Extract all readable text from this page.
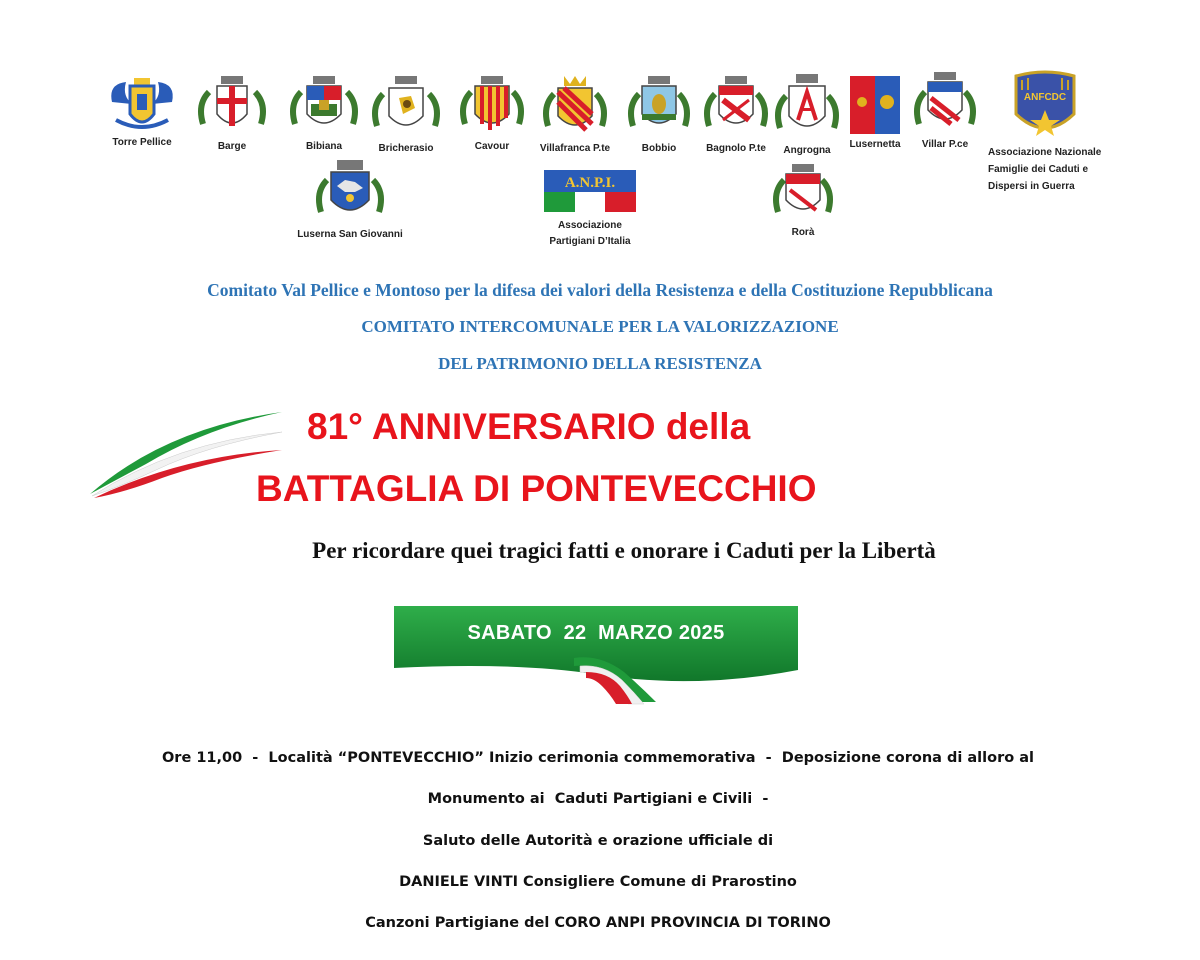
Torre Pellice	Barge	Bibiana	Bricherasio	Cavour	Villafranca P.te	Bobbio	Bagnolo P.te Angrogna
Lusernetta Villar P.ce
ANFCDC
Associazione Nazionale
Famiglie dei Caduti e
Dispersi in Guerra
Luserna San Giovanni
A.N.P.I.
Associazione
Partigiani D’Italia
Rorà
Comitato Val Pellice e Montoso per la difesa dei valori della Resistenza e della Costituzione Repubblicana
COMITATO INTERCOMUNALE PER LA VALORIZZAZIONE
DEL PATRIMONIO DELLA RESISTENZA
81° ANNIVERSARIO della
BATTAGLIA DI PONTEVECCHIO
Per ricordare quei tragici fatti e onorare i Caduti per la Libertà
SABATO  22  MARZO 2025
Ore 11,00  -  Località “PONTEVECCHIO” Inizio cerimonia commemorativa  -  Deposizione corona di alloro al
Monumento ai  Caduti Partigiani e Civili  -
Saluto delle Autorità e orazione ufficiale di
DANIELE VINTI Consigliere Comune di Prarostino
Canzoni Partigiane del CORO ANPI PROVINCIA DI TORINO
